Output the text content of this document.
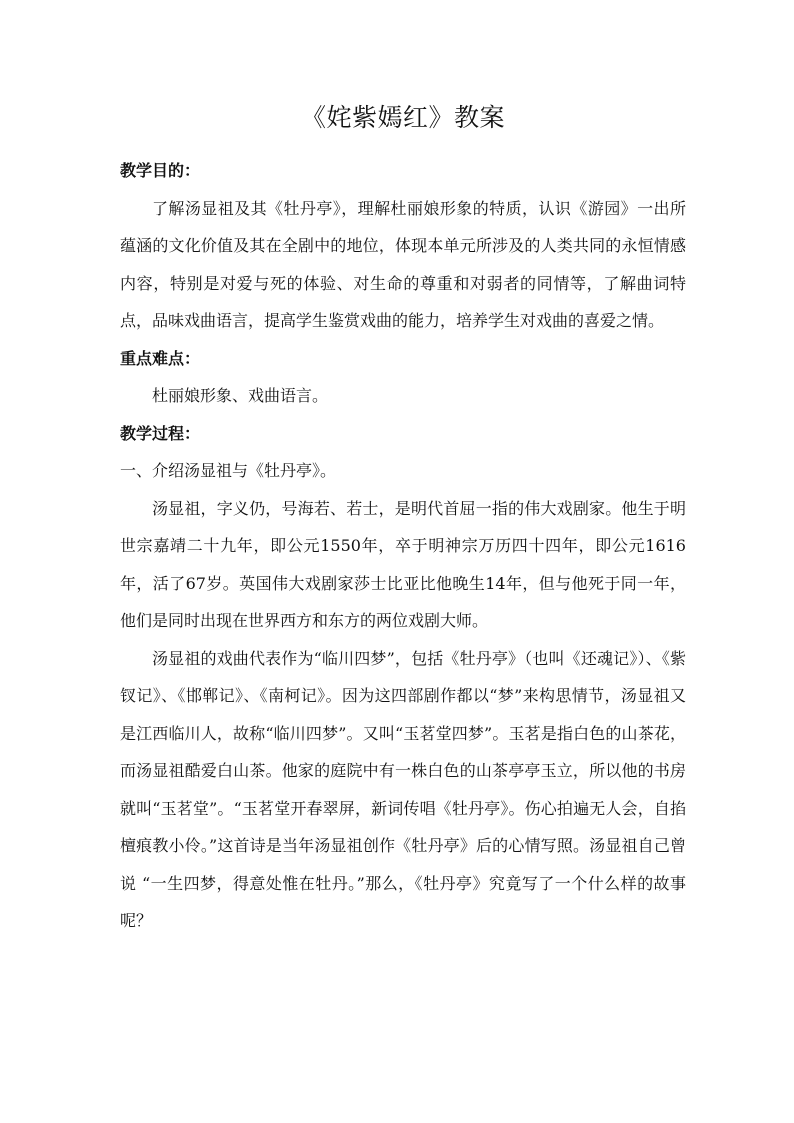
《姹紫嫣红》教案

教学目的：

了解汤显祖及其《牡丹亭》，理解杜丽娘形象的特质，认识《游园》一出所蕴涵的文化价值及其在全剧中的地位，体现本单元所涉及的人类共同的永恒情感内容，特别是对爱与死的体验、对生命的尊重和对弱者的同情等，了解曲词特点，品味戏曲语言，提高学生鉴赏戏曲的能力，培养学生对戏曲的喜爱之情。

重点难点：

杜丽娘形象、戏曲语言。

教学过程：

一、介绍汤显祖与《牡丹亭》。

汤显祖，字义仍，号海若、若士，是明代首屈一指的伟大戏剧家。他生于明世宗嘉靖二十九年，即公元1550年，卒于明神宗万历四十四年，即公元1616年，活了67岁。英国伟大戏剧家莎士比亚比他晚生14年，但与他死于同一年，他们是同时出现在世界西方和东方的两位戏剧大师。

汤显祖的戏曲代表作为“临川四梦”，包括《牡丹亭》（也叫《还魂记》）、《紫钗记》、《邯郸记》、《南柯记》。因为这四部剧作都以“梦”来构思情节，汤显祖又是江西临川人，故称“临川四梦”。又叫“玉茗堂四梦”。玉茗是指白色的山茶花，而汤显祖酷爱白山茶。他家的庭院中有一株白色的山茶亭亭玉立，所以他的书房就叫“玉茗堂”。“玉茗堂开春翠屏，新词传唱《牡丹亭》。伤心拍遍无人会，自掐檀痕教小伶。”这首诗是当年汤显祖创作《牡丹亭》后的心情写照。汤显祖自己曾说 “一生四梦，得意处惟在牡丹。”那么，《牡丹亭》究竟写了一个什么样的故事呢？
